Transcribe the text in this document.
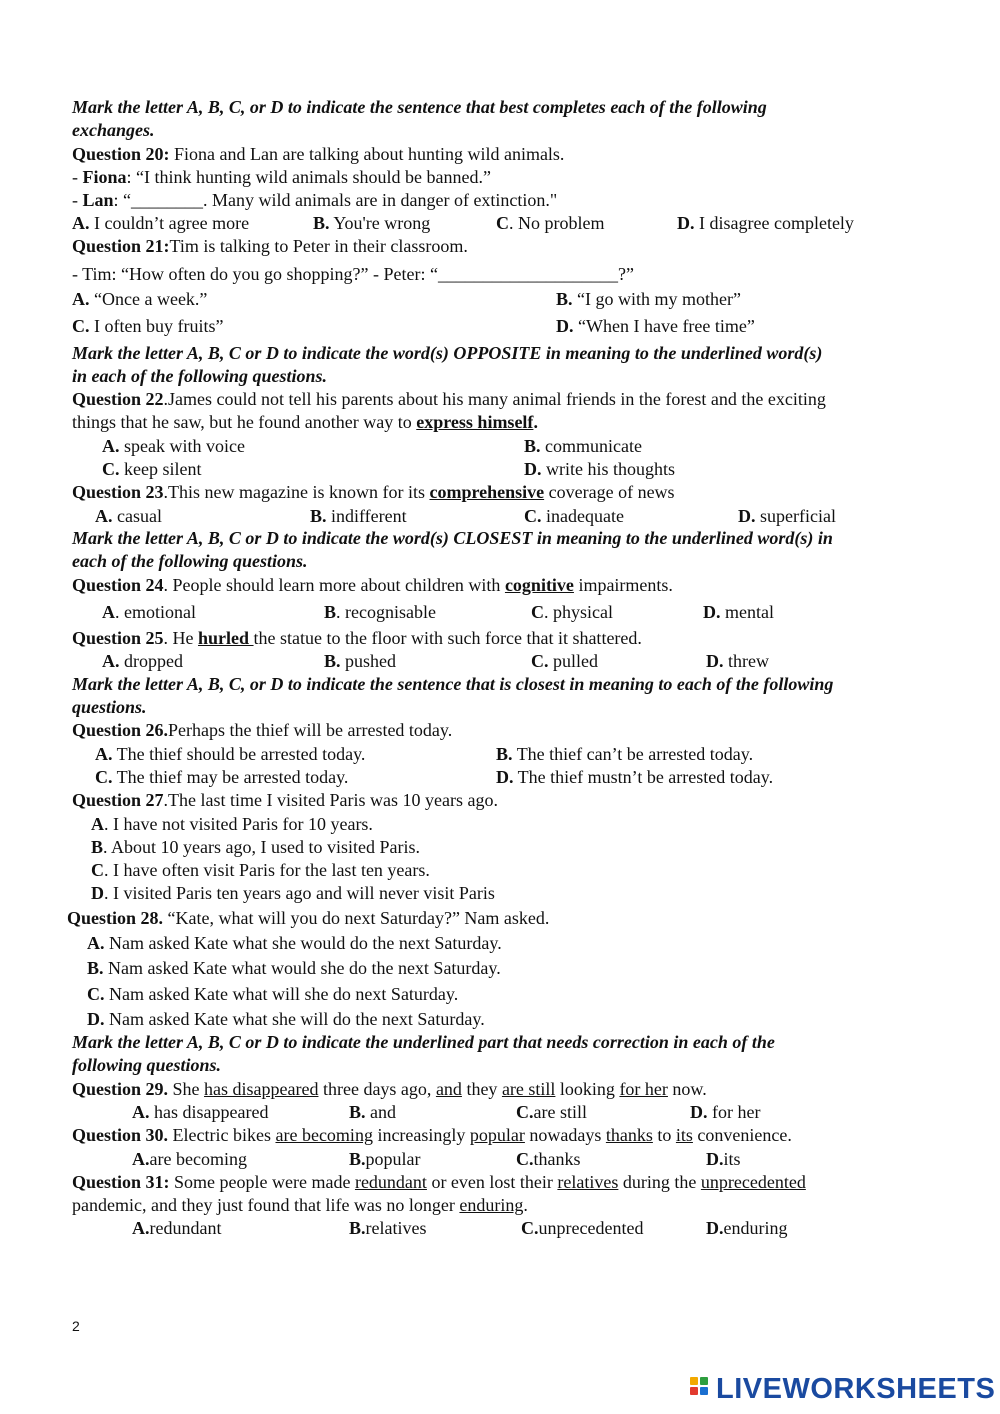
Mark the letter A, B, C, or D to indicate the sentence that best completes each of the following
exchanges.
Question 20: Fiona and Lan are talking about hunting wild animals.
- Fiona: “I think hunting wild animals should be banned.”
- Lan: “________. Many wild animals are in danger of extinction."
A. I couldn’t agree more	B. You're wrong	C. No problem	D. I disagree completely
Question 21:Tim is talking to Peter in their classroom.
- Tim: “How often do you go shopping?” - Peter: “____________________?”
A. “Once a week.”	B. “I go with my mother”
C. I often buy fruits”	D. “When I have free time”
Mark the letter A, B, C or D to indicate the word(s) OPPOSITE in meaning to the underlined word(s)
in each of the following questions.
Question 22.James could not tell his parents about his many animal friends in the forest and the exciting
things that he saw, but he found another way to express himself.
A. speak with voice	B. communicate
C. keep silent	D. write his thoughts
Question 23.This new magazine is known for its comprehensive coverage of news
A. casual	B. indifferent	C. inadequate	D. superficial
Mark the letter A, B, C or D to indicate the word(s) CLOSEST in meaning to the underlined word(s) in
each of the following questions.
Question 24. People should learn more about children with cognitive impairments.
A. emotional	B. recognisable	C. physical	D. mental
Question 25. He hurled the statue to the floor with such force that it shattered.
A. dropped	B. pushed	C. pulled	D. threw
Mark the letter A, B, C, or D to indicate the sentence that is closest in meaning to each of the following
questions.
Question 26.Perhaps the thief will be arrested today.
A. The thief should be arrested today.	B. The thief can’t be arrested today.
C. The thief may be arrested today.	D. The thief mustn’t be arrested today.
Question 27.The last time I visited Paris was 10 years ago.
A. I have not visited Paris for 10 years.
B. About 10 years ago, I used to visited Paris.
C. I have often visit Paris for the last ten years.
D. I visited Paris ten years ago and will never visit Paris
Question 28. “Kate, what will you do next Saturday?” Nam asked.
A. Nam asked Kate what she would do the next Saturday.
B. Nam asked Kate what would she do the next Saturday.
C. Nam asked Kate what will she do next Saturday.
D. Nam asked Kate what she will do the next Saturday.
Mark the letter A, B, C or D to indicate the underlined part that needs correction in each of the
following questions.
Question 29. She has disappeared three days ago, and they are still looking for her now.
A. has disappeared	B. and	C.are still	D. for her
Question 30. Electric bikes are becoming increasingly popular nowadays thanks to its convenience.
A.are becoming	B.popular	C.thanks	D.its
Question 31: Some people were made redundant or even lost their relatives during the unprecedented
pandemic, and they just found that life was no longer enduring.
A.redundant	B.relatives	C.unprecedented	D.enduring
2
LIVEWORKSHEETS
